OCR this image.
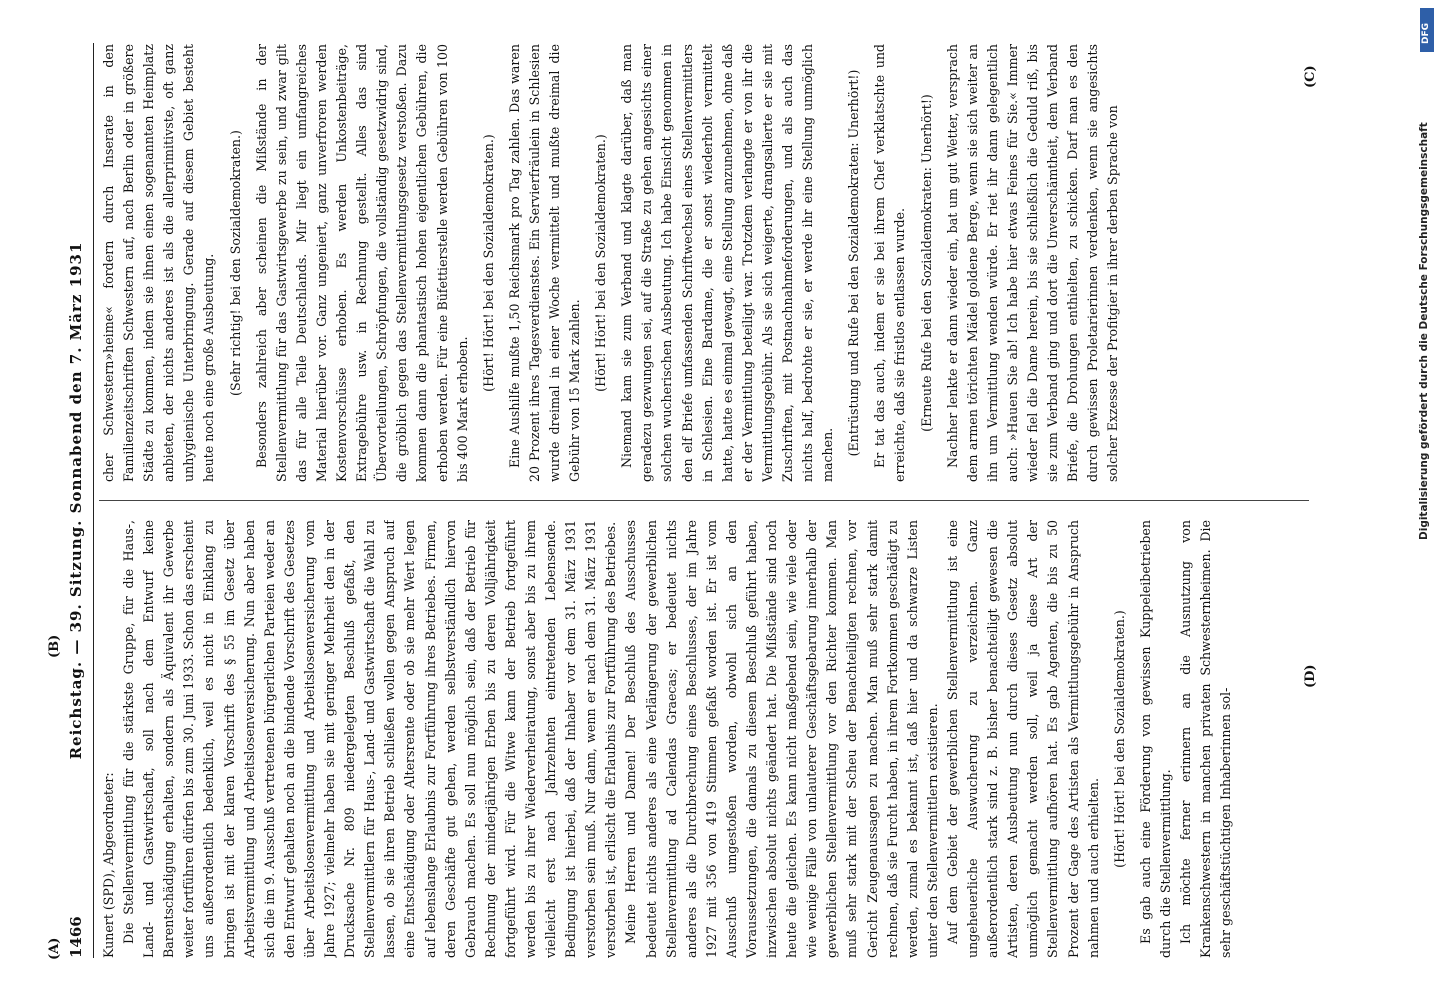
1466
Reichstag. — 39. Sitzung. Sonnabend den 7. März 1931

Kunert (SPD), Abgeordneter: Die Stellenvermittlung für die stärkste Gruppe, für die Haus-, Land- und Gastwirtschaft, soll nach dem Entwurf keine Barentschädigung erhalten, sondern als Äquivalent ihr Gewerbe weiter fortführen dürfen bis zum 30. Juni 1933. Schon das erscheint uns außerordentlich bedenklich, weil es nicht in Einklang zu bringen ist mit der klaren Vorschrift des § 55 im Gesetz über Arbeitsvermittlung und Arbeitslosenversicherung. Nun aber haben sich die im 9. Ausschuß vertretenen bürgerlichen Parteien weder an den Entwurf gehalten noch an die bindende Vorschrift des Gesetzes über Arbeitslosenvermittlung und Arbeitslosenversicherung vom Jahre 1927; vielmehr haben sie mit geringer Mehrheit den in der Drucksache Nr. 809 niedergelegten Beschluß gefaßt, den Stellenvermittlern für Haus-, Land- und Gastwirtschaft die Wahl zu lassen, ob sie ihren Betrieb schließen wollen gegen Anspruch auf eine Entschädigung oder Altersrente oder ob sie mehr Wert legen auf lebenslange Erlaubnis zur Fortführung ihres Betriebes. Firmen, deren Geschäfte gut gehen, werden selbstverständlich hiervon Gebrauch machen. Es soll nun möglich sein, daß der Betrieb für Rechnung der minderjährigen Erben bis zu deren Volljährigkeit fortgeführt wird. Für die Witwe kann der Betrieb fortgeführt werden bis zu ihrer Wiederverheiratung, sonst aber bis zu ihrem vielleicht erst nach Jahrzehnten eintretenden Lebensende. Bedingung ist hierbei, daß der Inhaber vor dem 31. März 1931 verstorben sein muß. Nur dann, wenn er nach dem 31. März 1931 verstorben ist, erlischt die Erlaubnis zur Fortführung des Betriebes. Meine Herren und Damen! Der Beschluß des Ausschusses bedeutet nichts anderes als eine Verlängerung der gewerblichen Stellenvermittlung ad Calendas Graecas; er bedeutet nichts anderes als die Durchbrechung eines Beschlusses, der im Jahre 1927 mit 356 von 419 Stimmen gefaßt worden ist. Er ist vom Ausschuß umgestoßen worden, obwohl sich an den Voraussetzungen, die damals zu diesem Beschluß geführt haben, inzwischen absolut nichts geändert hat. Die Mißstände sind noch heute die gleichen. Es kann nicht maßgebend sein, wie viele oder wie wenige Fälle von unlauterer Geschäftsgebarung innerhalb der gewerblichen Stellenvermittlung vor den Richter kommen. Man muß sehr stark mit der Scheu der Benachteiligten rechnen, vor Gericht Zeugenaussagen zu machen. Man muß sehr stark damit rechnen, daß sie Furcht haben, in ihrem Fortkommen geschädigt zu werden, zumal es bekannt ist, daß hier und da schwarze Listen unter den Stellenvermittlern existieren. Auf dem Gebiet der gewerblichen Stellenvermittlung ist eine ungeheuerliche Auswucherung zu verzeichnen. Ganz außerordentlich stark sind z. B. bisher benachteiligt gewesen die Artisten, deren Ausbeutung nun durch dieses Gesetz absolut unmöglich gemacht werden soll, weil ja diese Art der Stellenvermittlung aufhören hat. Es gab Agenten, die bis zu 50 Prozent der Gage des Artisten als Vermittlungsgebühr in Anspruch nahmen und auch erhielten.

(Hört! Hört! bei den Sozialdemokraten.) Es gab auch eine Förderung von gewissen Kuppeleibetrieben durch die Stellenvermittlung. Ich möchte ferner erinnern an die Ausnutzung von Krankenschwestern in manchen privaten Schwesternheimen. Die sehr geschäftstüchtigen Inhaberinnen sol-

cher Schwestern»heime« fordern durch Inserate in den Familienzeitschriften Schwestern auf, nach Berlin oder in größere Städte zu kommen, indem sie ihnen einen sogenannten Heimplatz anbieten, der nichts anderes ist als die allerprimitivste, oft ganz unhygienische Unterbringung. Gerade auf diesem Gebiet besteht heute noch eine große Ausbeutung. (Sehr richtig! bei den Sozialdemokraten.) Besonders zahlreich aber scheinen die Mißstände in der Stellenvermittlung für das Gastwirtsgewerbe zu sein, und zwar gilt das für alle Teile Deutschlands. Mir liegt ein umfangreiches Material hierüber vor. Ganz ungeniert, ganz unverfroren werden Kostenvorschüsse erhoben. Es werden Unkostenbeiträge, Extragebühre usw. in Rechnung gestellt. Alles das sind Übervorteilungen, Schröpfungen, die vollständig gesetzwidrig sind, die gröblich gegen das Stellenvermittlungsgesetz verstoßen. Dazu kommen dann die phantastisch hohen eigentlichen Gebühren, die erhoben werden. Für eine Büfettierstelle werden Gebühren von 100 bis 400 Mark erhoben.

(Hört! Hört! bei den Sozialdemokraten.) Eine Aushilfe mußte 1,50 Reichsmark pro Tag zahlen. Das waren 20 Prozent ihres Tagesverdienstes. Ein Servierfräulein in Schlesien wurde dreimal in einer Woche vermittelt und mußte dreimal die Gebühr von 15 Mark zahlen. (Hört! Hört! bei den Sozialdemokraten.) Niemand kam sie zum Verband und klagte darüber, daß man geradezu gezwungen sei, auf die Straße zu gehen angesichts einer solchen wucherischen Ausbeutung. Ich habe Einsicht genommen in den elf Briefe umfassenden Schriftwechsel eines Stellenvermittlers in Schlesien. Eine Bardame, die er sonst wiederholt vermittelt hatte, hatte es einmal gewagt, eine Stellung anzunehmen, ohne daß er der Vermittlung beteiligt war. Trotzdem verlangte er von ihr die Vermittlungsgebühr. Als sie sich weigerte, drangsalierte er sie mit Zuschriften, mit Postnachnahmeforderungen, und als auch das nichts half, bedrohte er sie, er werde ihr eine Stellung unmöglich machen. (Entrüstung und Rufe bei den Sozialdemokraten: Unerhört!) Er tat das auch, indem er sie bei ihrem Chef verklatschte und erreichte, daß sie fristlos entlassen wurde. (Erneute Rufe bei den Sozialdemokraten: Unerhört!) Nachher lenkte er dann wieder ein, bat um gut Wetter, versprach dem armen törichten Mädel goldene Berge, wenn sie sich weiter an ihn um Vermittlung wenden würde. Er riet ihr dann gelegentlich auch: »Hauen Sie ab! Ich habe hier etwas Feines für Sie.« Immer wieder fiel die Dame herein, bis sie schließlich die Geduld riß, bis sie zum Verband ging und dort die Unverschämtheit, dem Verband Briefe, die Drohungen enthielten, zu schicken. Darf man es den durch gewissen Proletarierinnen verdenken, wenn sie angesichts solcher Exzesse der Profitgier in ihrer derben Sprache von

(A)
(B)
(C)
(D)
DFG
Digitalisierung gefördert durch die Deutsche Forschungsgemeinschaft
